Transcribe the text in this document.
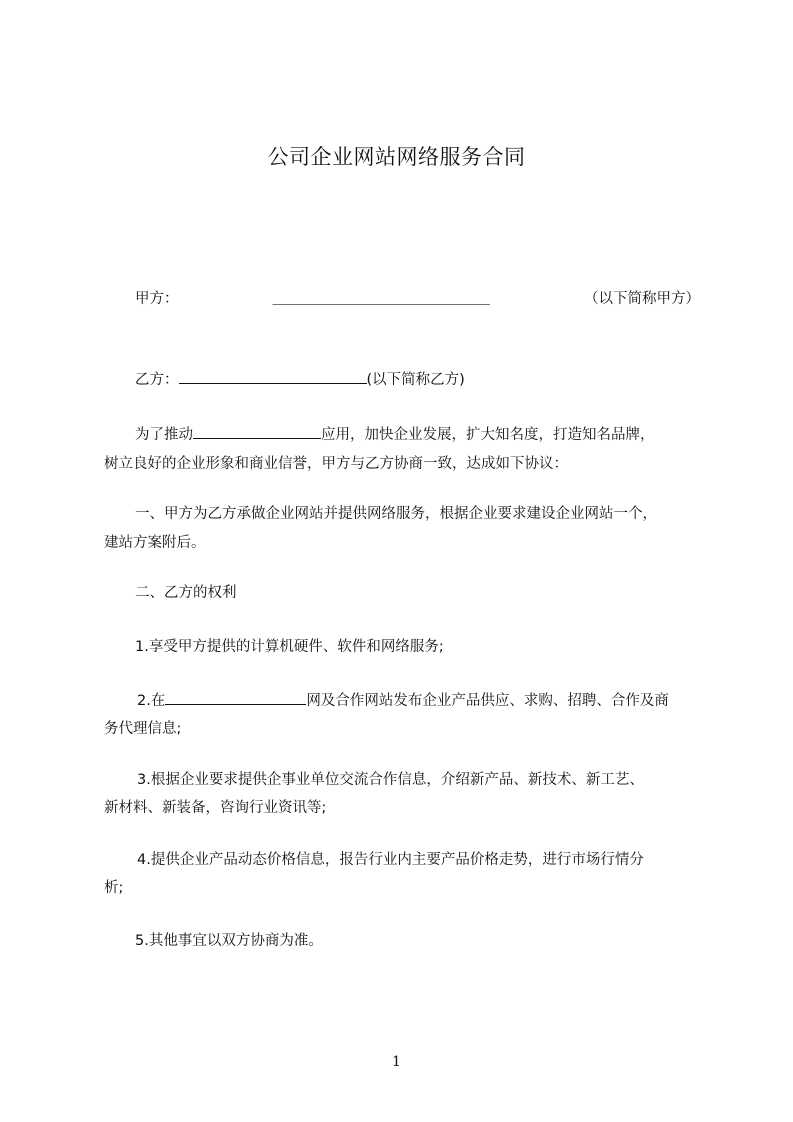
公司企业网站网络服务合同
甲方：	＿＿＿＿＿＿＿＿＿＿＿＿＿＿＿	（以下简称甲方）
乙方：	(以下简称乙方)
为了推动	应用，加快企业发展，扩大知名度，打造知名品牌，
树立良好的企业形象和商业信誉，甲方与乙方协商一致，达成如下协议：
一、甲方为乙方承做企业网站并提供网络服务，根据企业要求建设企业网站一个，
建站方案附后。
二、乙方的权利
1.享受甲方提供的计算机硬件、软件和网络服务;
2.在	网及合作网站发布企业产品供应、求购、招聘、合作及商
务代理信息;
3.根据企业要求提供企事业单位交流合作信息，介绍新产品、新技术、新工艺、
新材料、新装备，咨询行业资讯等;
4.提供企业产品动态价格信息，报告行业内主要产品价格走势，进行市场行情分
析;
5.其他事宜以双方协商为准。
1
